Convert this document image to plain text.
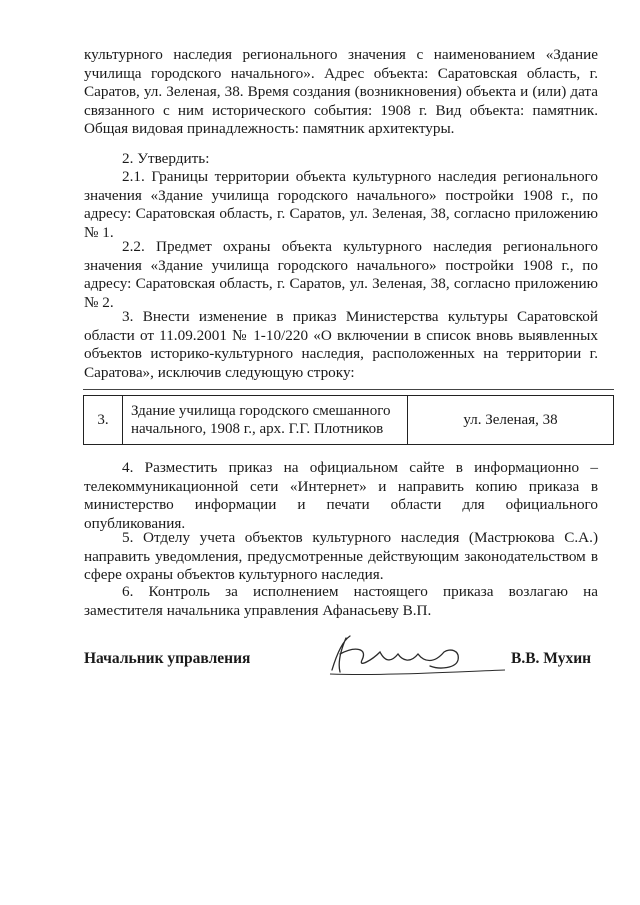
культурного наследия регионального значения с наименованием «Здание училища городского начального». Адрес объекта: Саратовская область, г. Саратов, ул. Зеленая, 38. Время создания (возникновения) объекта и (или) дата связанного с ним исторического события: 1908 г. Вид объекта: памятник. Общая видовая принадлежность: памятник архитектуры.

2. Утвердить:

2.1. Границы территории объекта культурного наследия регионального значения «Здание училища городского начального» постройки 1908 г., по адресу: Саратовская область, г. Саратов, ул. Зеленая, 38, согласно приложению № 1.

2.2. Предмет охраны объекта культурного наследия регионального значения «Здание училища городского начального» постройки 1908 г., по адресу: Саратовская область, г. Саратов, ул. Зеленая, 38, согласно приложению № 2.

3. Внести изменение в приказ Министерства культуры Саратовской области от 11.09.2001 № 1-10/220 «О включении в список вновь выявленных объектов историко-культурного наследия, расположенных на территории г. Саратова», исключив следующую строку:

3.	Здание училища городского смешанного начального, 1908 г., арх. Г.Г. Плотников	ул. Зеленая, 38

4. Разместить приказ на официальном сайте в информационно – телекоммуникационной сети «Интернет» и направить копию приказа в министерство информации и печати области для официального опубликования.

5. Отделу учета объектов культурного наследия (Мастрюкова С.А.) направить уведомления, предусмотренные действующим законодательством в сфере охраны объектов культурного наследия.

6. Контроль за исполнением настоящего приказа возлагаю на заместителя начальника управления Афанасьеву В.П.

Начальник управления	В.В. Мухин
